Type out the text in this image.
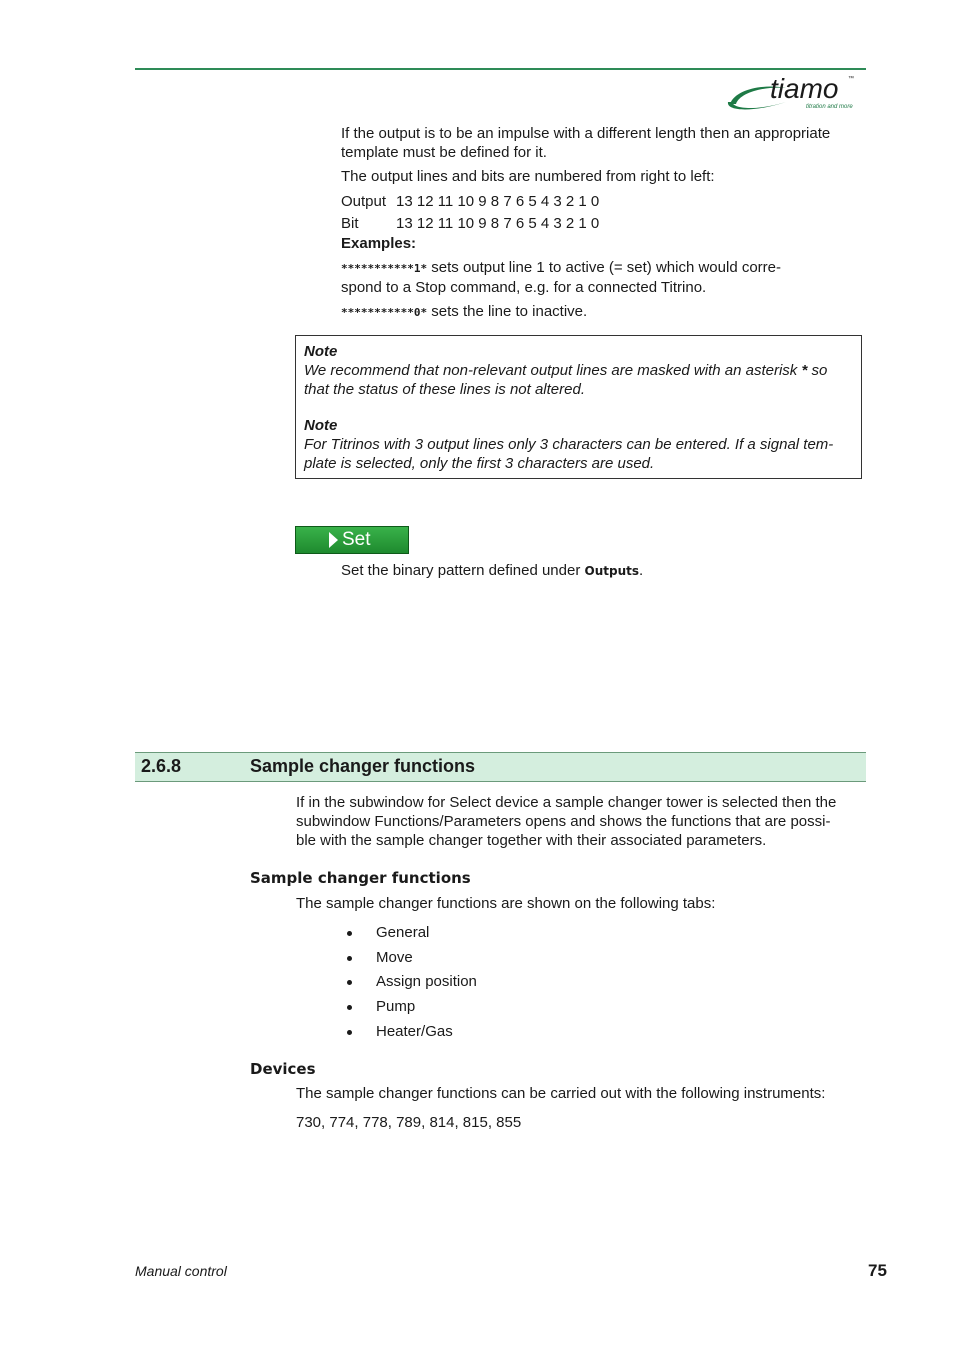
tiamo ™
titration and more
If the output is to be an impulse with a different length then an appropriate
template must be defined for it.
The output lines and bits are numbered from right to left:
Output 13 12 11 10 9 8 7 6 5 4 3 2 1 0
Bit 13 12 11 10 9 8 7 6 5 4 3 2 1 0
Examples:
***********1* sets output line 1 to active (= set) which would corre-
spond to a Stop command, e.g. for a connected Titrino.
***********0* sets the line to inactive.
Note
We recommend that non-relevant output lines are masked with an asterisk * so
that the status of these lines is not altered.
Note
For Titrinos with 3 output lines only 3 characters can be entered. If a signal tem-
plate is selected, only the first 3 characters are used.
Set
Set the binary pattern defined under Outputs.
2.6.8	Sample changer functions
If in the subwindow for Select device a sample changer tower is selected then the
subwindow Functions/Parameters opens and shows the functions that are possi-
ble with the sample changer together with their associated parameters.
Sample changer functions
The sample changer functions are shown on the following tabs:
General
Move
Assign position
Pump
Heater/Gas
Devices
The sample changer functions can be carried out with the following instruments:
730, 774, 778, 789, 814, 815, 855
Manual control	75
